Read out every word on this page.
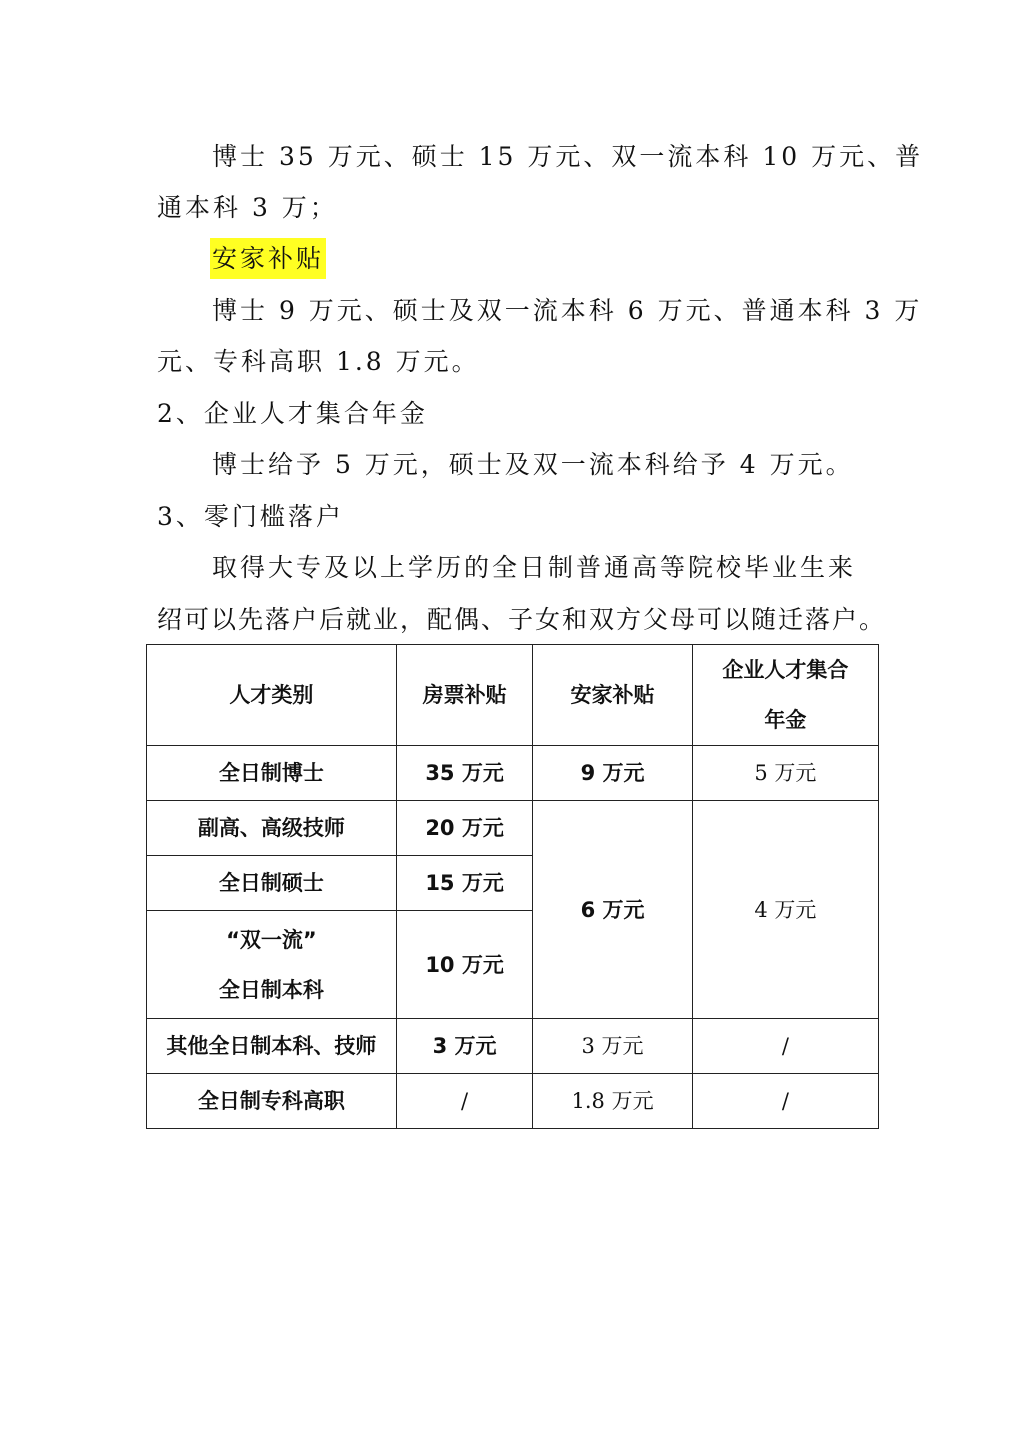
博士 35 万元、硕士 15 万元、双一流本科 10 万元、普
通本科 3 万；
安家补贴
博士 9 万元、硕士及双一流本科 6 万元、普通本科 3 万
元、专科高职 1.8 万元。
2、企业人才集合年金
博士给予 5 万元，硕士及双一流本科给予 4 万元。
3、零门槛落户
取得大专及以上学历的全日制普通高等院校毕业生来
绍可以先落户后就业，配偶、子女和双方父母可以随迁落户。
人才类别	房票补贴	安家补贴	企业人才集合
年金

全日制博士	35 万元	9 万元	5 万元
副高、高级技师	20 万元	6 万元	4 万元
全日制硕士	15 万元		

“双一流”
全日制本科	10 万元		
其他全日制本科、技师	3 万元	3 万元	/
全日制专科高职	/	1.8 万元	/
